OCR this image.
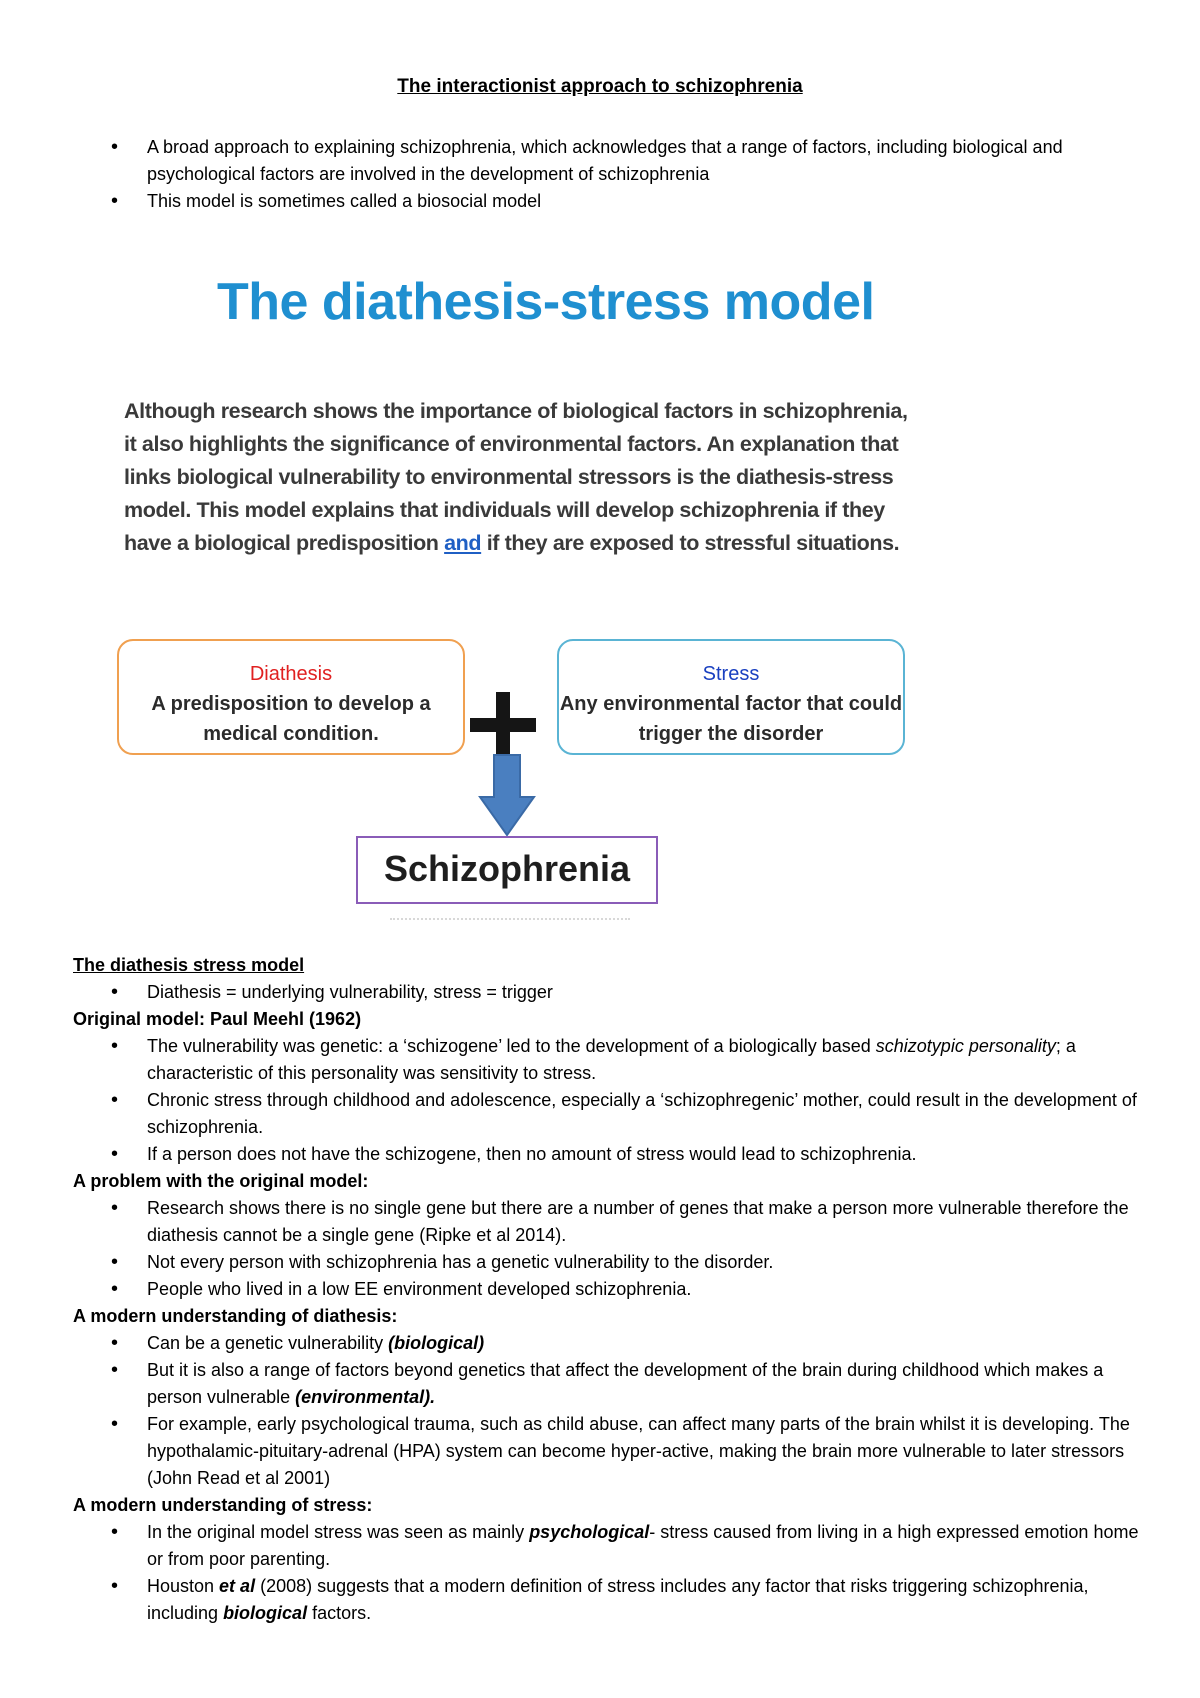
The interactionist approach to schizophrenia
• A broad approach to explaining schizophrenia, which acknowledges that a range of factors, including biological and psychological factors are involved in the development of schizophrenia
• This model is sometimes called a biosocial model
The diathesis-stress model
Although research shows the importance of biological factors in schizophrenia, it also highlights the significance of environmental factors. An explanation that links biological vulnerability to environmental stressors is the diathesis-stress model. This model explains that individuals will develop schizophrenia if they have a biological predisposition and if they are exposed to stressful situations.
Diathesis
A predisposition to develop a medical condition.
Stress
Any environmental factor that could trigger the disorder
Schizophrenia
The diathesis stress model
• Diathesis = underlying vulnerability, stress = trigger
Original model: Paul Meehl (1962)
• The vulnerability was genetic: a ‘schizogene’ led to the development of a biologically based schizotypic personality; a characteristic of this personality was sensitivity to stress.
• Chronic stress through childhood and adolescence, especially a ‘schizophregenic’ mother, could result in the development of schizophrenia.
• If a person does not have the schizogene, then no amount of stress would lead to schizophrenia.
A problem with the original model:
• Research shows there is no single gene but there are a number of genes that make a person more vulnerable therefore the diathesis cannot be a single gene (Ripke et al 2014).
• Not every person with schizophrenia has a genetic vulnerability to the disorder.
• People who lived in a low EE environment developed schizophrenia.
A modern understanding of diathesis:
• Can be a genetic vulnerability (biological)
• But it is also a range of factors beyond genetics that affect the development of the brain during childhood which makes a person vulnerable (environmental).
• For example, early psychological trauma, such as child abuse, can affect many parts of the brain whilst it is developing. The hypothalamic-pituitary-adrenal (HPA) system can become hyper-active, making the brain more vulnerable to later stressors (John Read et al 2001)
A modern understanding of stress:
• In the original model stress was seen as mainly psychological- stress caused from living in a high expressed emotion home or from poor parenting.
• Houston et al (2008) suggests that a modern definition of stress includes any factor that risks triggering schizophrenia, including biological factors.
